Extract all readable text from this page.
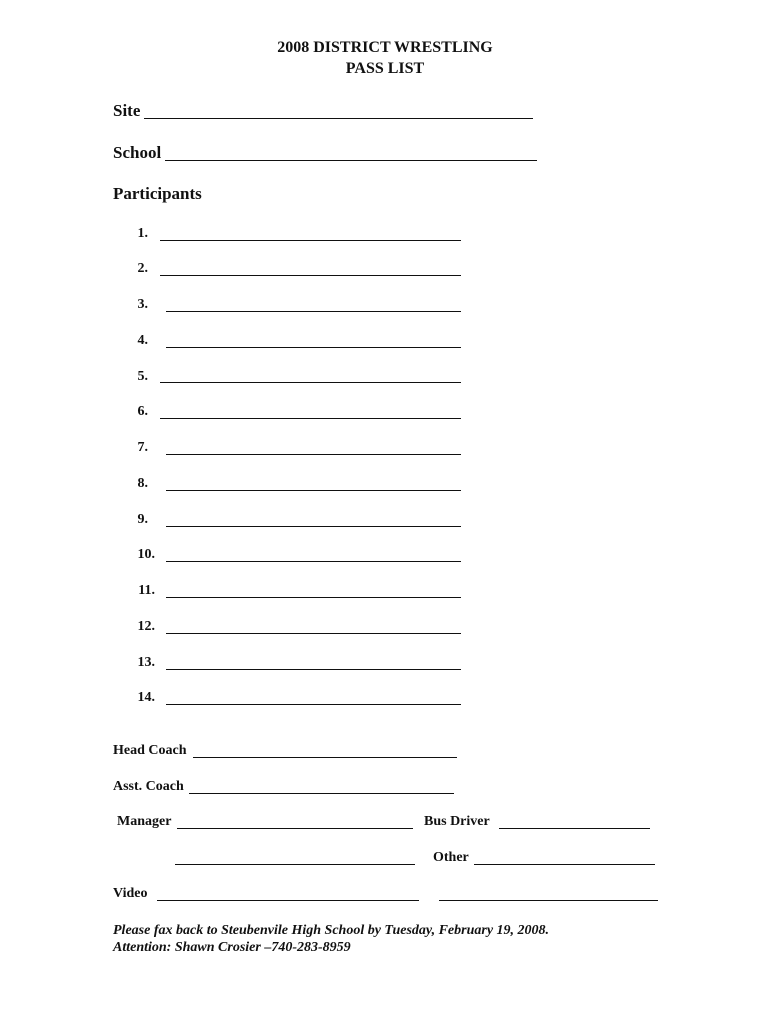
2008 DISTRICT WRESTLING
PASS LIST
Site
School
Participants
1.
2.
3.
4.
5.
6.
7.
8.
9.
10.
11.
12.
13.
14.
Head Coach
Asst. Coach
Manager	Bus Driver
Other
Video
Please fax back to Steubenvile High School by Tuesday, February 19, 2008.
Attention: Shawn Crosier –740-283-8959
